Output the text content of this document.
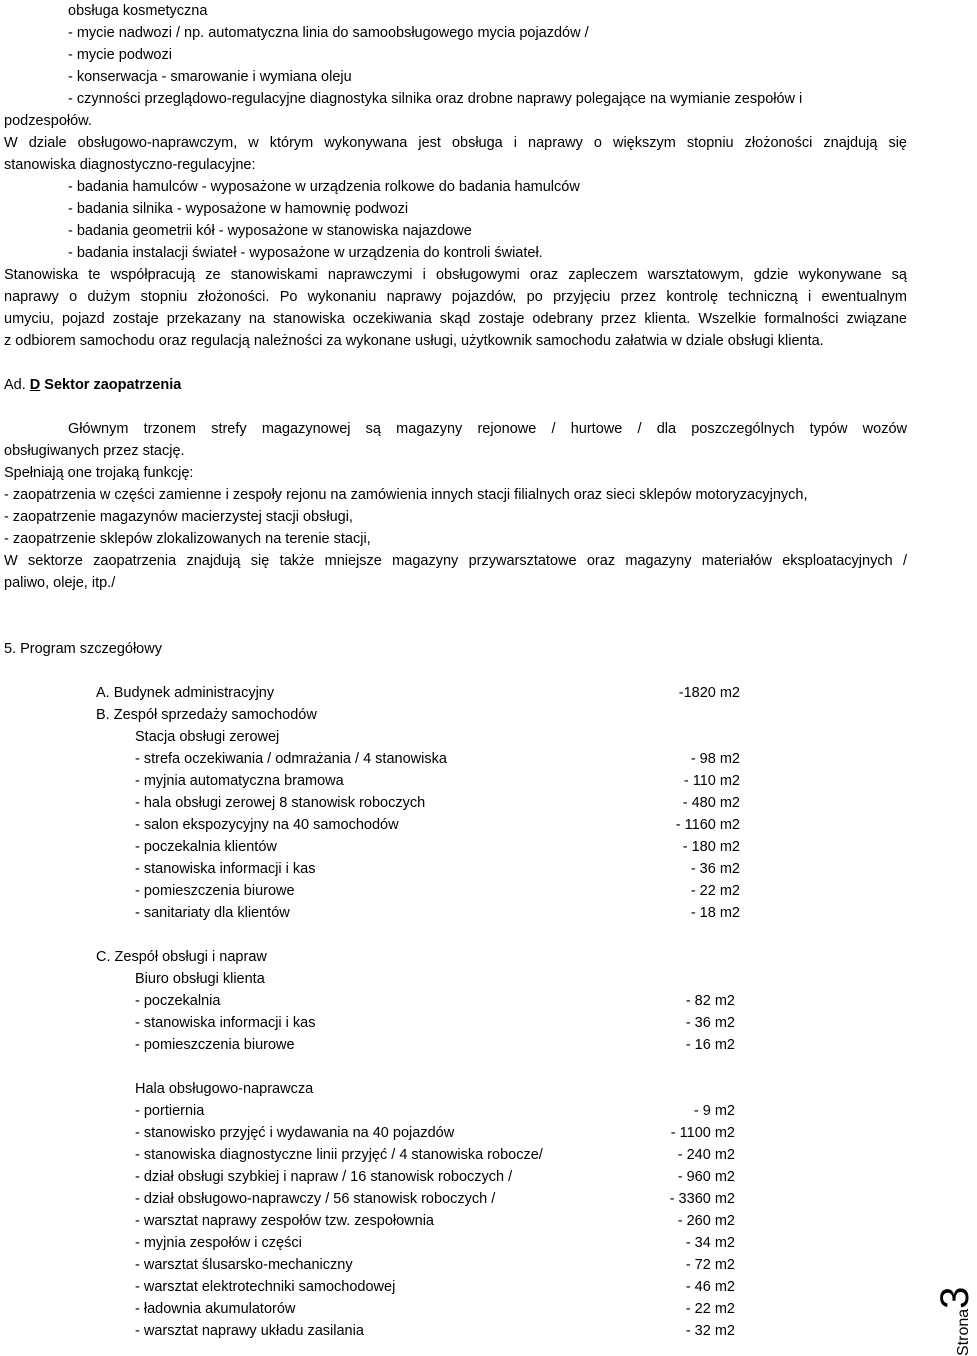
obsługa kosmetyczna
- mycie nadwozi / np. automatyczna linia do samoobsługowego mycia pojazdów /
- mycie podwozi
- konserwacja - smarowanie i wymiana oleju
- czynności przeglądowo-regulacyjne diagnostyka silnika oraz drobne naprawy polegające na wymianie zespołów i
podzespołów.
W dziale obsługowo-naprawczym, w którym wykonywana jest obsługa i naprawy o większym stopniu złożoności znajdują się
stanowiska diagnostyczno-regulacyjne:
- badania hamulców - wyposażone w urządzenia rolkowe do badania hamulców
- badania silnika - wyposażone w hamownię podwozi
- badania geometrii kół - wyposażone w stanowiska najazdowe
- badania instalacji świateł - wyposażone w urządzenia do kontroli świateł.
Stanowiska te współpracują ze stanowiskami naprawczymi i obsługowymi oraz zapleczem warsztatowym, gdzie wykonywane są
naprawy o dużym stopniu złożoności. Po wykonaniu naprawy pojazdów, po przyjęciu przez kontrolę techniczną i ewentualnym
umyciu, pojazd zostaje przekazany na stanowiska oczekiwania skąd zostaje odebrany przez klienta. Wszelkie formalności związane
z odbiorem samochodu oraz regulacją należności za wykonane usługi, użytkownik samochodu załatwia w dziale obsługi klienta.
Ad. D Sektor zaopatrzenia
Głównym trzonem strefy magazynowej są magazyny rejonowe / hurtowe / dla poszczególnych typów wozów
obsługiwanych przez stację.
Spełniają one trojaką funkcję:
- zaopatrzenia w części zamienne i zespoły rejonu na zamówienia innych stacji filialnych oraz sieci sklepów motoryzacyjnych,
- zaopatrzenie magazynów macierzystej stacji obsługi,
- zaopatrzenie sklepów zlokalizowanych na terenie stacji,
W sektorze zaopatrzenia znajdują się także mniejsze magazyny przywarsztatowe oraz magazyny materiałów eksploatacyjnych /
paliwo, oleje, itp./
5. Program szczegółowy
A. Budynek administracyjny	-1820 m2
B. Zespół sprzedaży samochodów
Stacja obsługi zerowej
- strefa oczekiwania / odmrażania / 4 stanowiska	- 98 m2
- myjnia automatyczna bramowa	- 110 m2
- hala obsługi zerowej 8 stanowisk roboczych	- 480 m2
- salon ekspozycyjny na 40 samochodów	- 1160 m2
- poczekalnia klientów	- 180 m2
- stanowiska informacji i kas	- 36 m2
- pomieszczenia biurowe	- 22 m2
- sanitariaty dla klientów	- 18 m2
C. Zespół obsługi i napraw
Biuro obsługi klienta
- poczekalnia	- 82 m2
- stanowiska informacji i kas	- 36 m2
- pomieszczenia biurowe	- 16 m2
Hala obsługowo-naprawcza
- portiernia	- 9 m2
- stanowisko przyjęć i wydawania na 40 pojazdów	- 1100 m2
- stanowiska diagnostyczne linii przyjęć / 4 stanowiska robocze/	- 240 m2
- dział obsługi szybkiej i napraw / 16 stanowisk roboczych /	- 960 m2
- dział obsługowo-naprawczy / 56 stanowisk roboczych /	- 3360 m2
- warsztat naprawy zespołów tzw. zespołownia	- 260 m2
- myjnia zespołów i części	- 34 m2
- warsztat ślusarsko-mechaniczny	- 72 m2
- warsztat elektrotechniki samochodowej	- 46 m2
- ładownia akumulatorów	- 22 m2
- warsztat naprawy układu zasilania	- 32 m2	Strona3
